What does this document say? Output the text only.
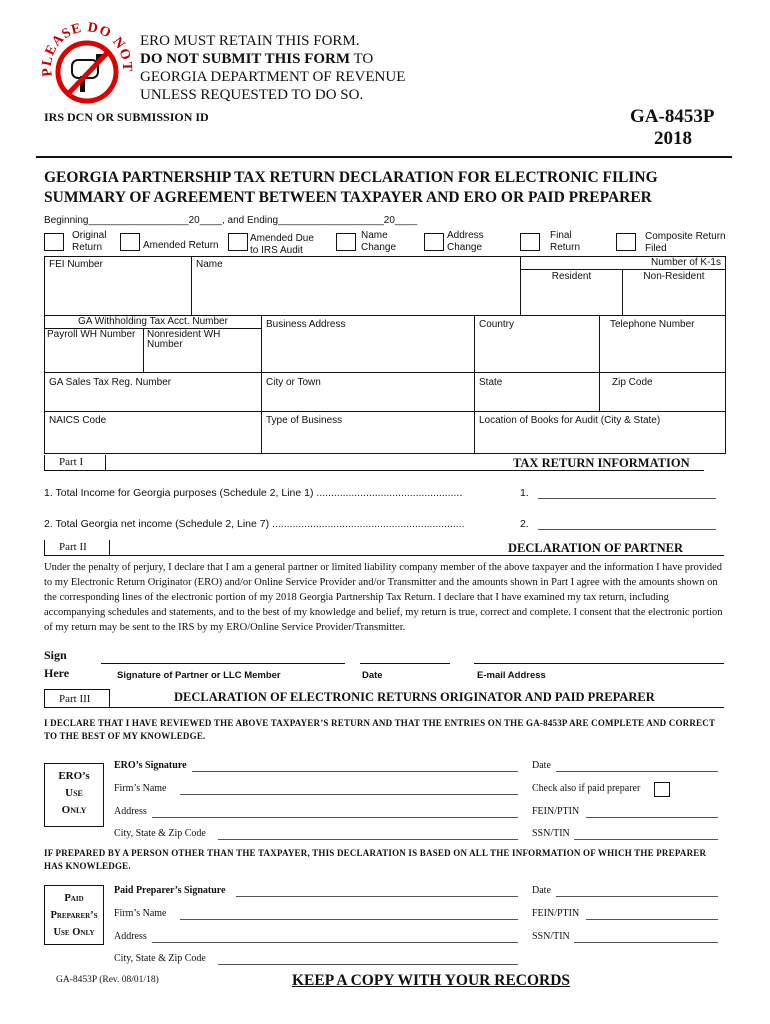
PLEASE DO NOT
ERO MUST RETAIN THIS FORM.
DO NOT SUBMIT THIS FORM TO
GEORGIA DEPARTMENT OF REVENUE
UNLESS REQUESTED TO DO SO.
IRS DCN OR SUBMISSION ID	GA-8453P
2018
GEORGIA PARTNERSHIP TAX RETURN DECLARATION FOR ELECTRONIC FILING
SUMMARY OF AGREEMENT BETWEEN TAXPAYER AND ERO OR PAID PREPARER
Beginning__________________20____, and Ending___________________20____
Original
Return	Amended Return
Amended Due
to IRS Audit
Name
Change
Address
Change
Final
Return
Composite Return
Filed
FEI Number	Name	Number of K-1s
Resident	Non-Resident
GA Withholding Tax Acct. Number
Payroll WH Number	Nonresident WH Number
Business Address	Country	Telephone Number
GA Sales Tax Reg. Number	City or Town	State	Zip Code
NAICS Code	Type of Business	Location of Books for Audit (City & State)
Part I	TAX RETURN INFORMATION
1. Total Income for Georgia purposes (Schedule 2, Line 1) ..................................................	1.
2. Total Georgia net income (Schedule 2, Line 7) ..................................................................	2.
Part II	DECLARATION OF PARTNER
Under the penalty of perjury, I declare that I am a general partner or limited liability company member of the above taxpayer and the information I have provided to my Electronic Return Originator (ERO) and/or Online Service Provider and/or Transmitter and the amounts shown in Part I agree with the amounts shown on the corresponding lines of the electronic portion of my 2018 Georgia Partnership Tax Return. I declare that I have examined my tax return, including accompanying schedules and statements, and to the best of my knowledge and belief, my return is true, correct and complete. I consent that the electronic portion of my return may be sent to the IRS by my ERO/Online Service Provider/Transmitter.
Sign
Here	Signature of Partner or LLC Member	Date	E-mail Address
Part III	DECLARATION OF ELECTRONIC RETURNS ORIGINATOR AND PAID PREPARER
I DECLARE THAT I HAVE REVIEWED THE ABOVE TAXPAYER’S RETURN AND THAT THE ENTRIES ON THE GA-8453P ARE COMPLETE AND CORRECT TO THE BEST OF MY KNOWLEDGE.
ERO’s
Use
Only
ERO’s Signature	Date
Firm’s Name	Check also if paid preparer
Address	FEIN/PTIN
City, State & Zip Code	SSN/TIN
IF PREPARED BY A PERSON OTHER THAN THE TAXPAYER, THIS DECLARATION IS BASED ON ALL THE INFORMATION OF WHICH THE PREPARER HAS KNOWLEDGE.
Paid
Preparer’s
Use Only
Paid Preparer’s Signature	Date
Firm’s Name	FEIN/PTIN
Address	SSN/TIN
City, State & Zip Code
GA-8453P (Rev. 08/01/18)	KEEP A COPY WITH YOUR RECORDS
